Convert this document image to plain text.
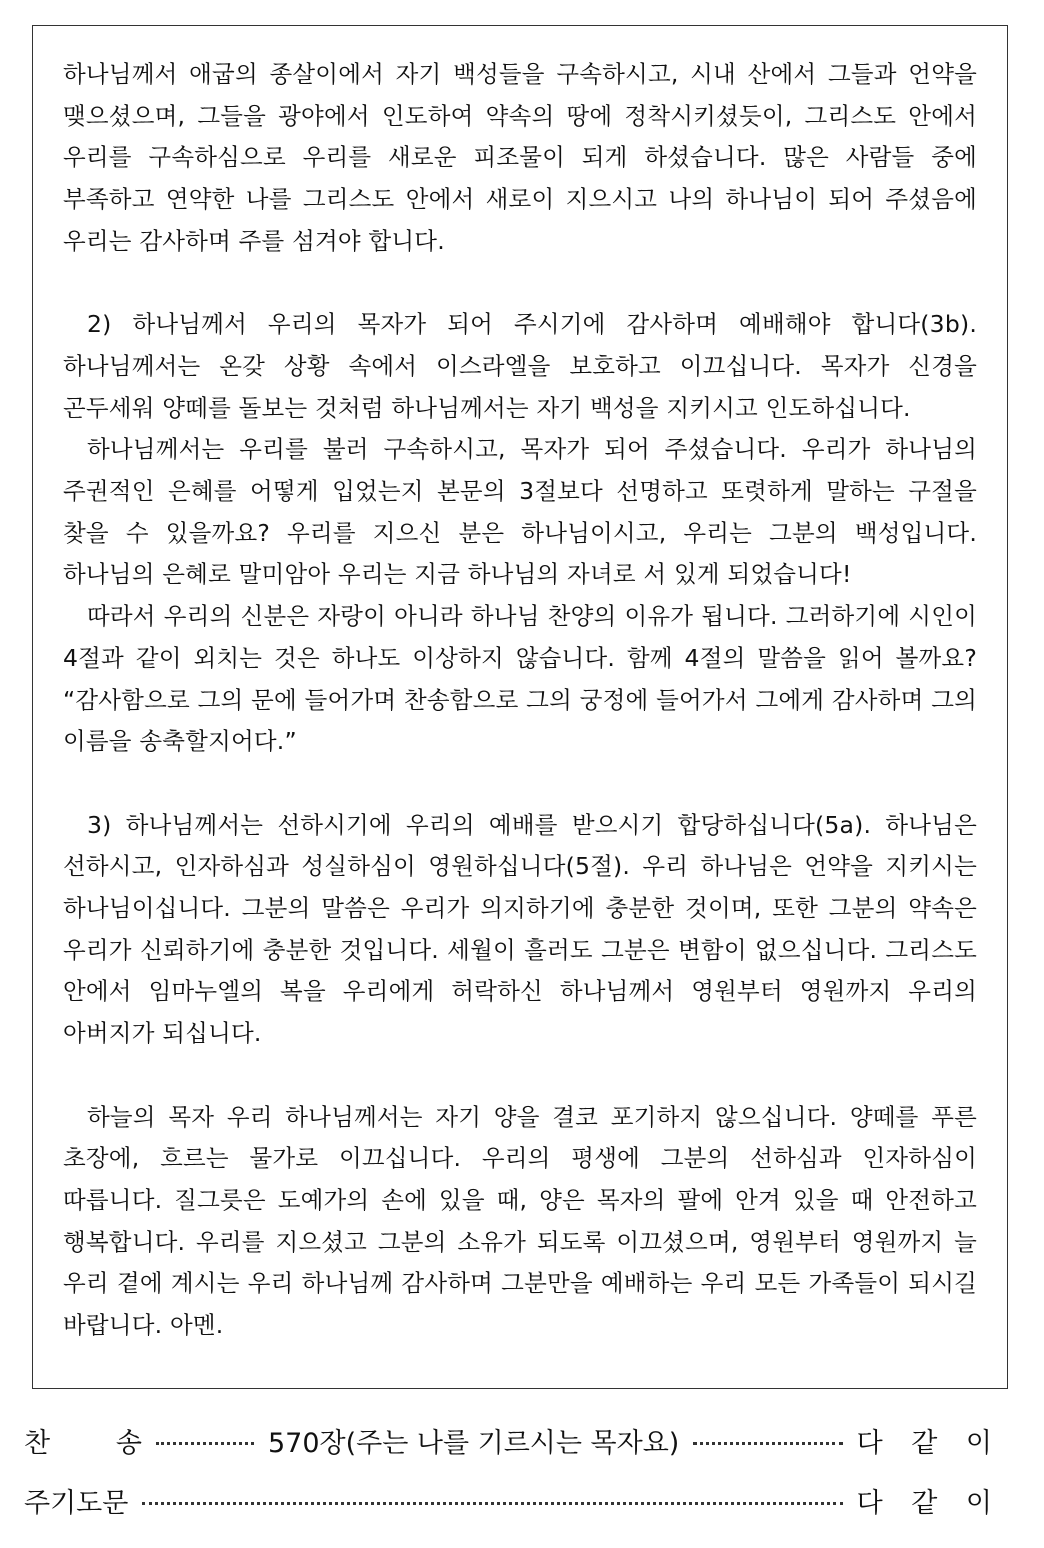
하나님께서 애굽의 종살이에서 자기 백성들을 구속하시고, 시내 산에서 그들과 언약을 맺으셨으며, 그들을 광야에서 인도하여 약속의 땅에 정착시키셨듯이, 그리스도 안에서 우리를 구속하심으로 우리를 새로운 피조물이 되게 하셨습니다. 많은 사람들 중에 부족하고 연약한 나를 그리스도 안에서 새로이 지으시고 나의 하나님이 되어 주셨음에 우리는 감사하며 주를 섬겨야 합니다.

2) 하나님께서 우리의 목자가 되어 주시기에 감사하며 예배해야 합니다(3b). 하나님께서는 온갖 상황 속에서 이스라엘을 보호하고 이끄십니다. 목자가 신경을 곤두세워 양떼를 돌보는 것처럼 하나님께서는 자기 백성을 지키시고 인도하십니다.

하나님께서는 우리를 불러 구속하시고, 목자가 되어 주셨습니다. 우리가 하나님의 주권적인 은혜를 어떻게 입었는지 본문의 3절보다 선명하고 또렷하게 말하는 구절을 찾을 수 있을까요? 우리를 지으신 분은 하나님이시고, 우리는 그분의 백성입니다. 하나님의 은혜로 말미암아 우리는 지금 하나님의 자녀로 서 있게 되었습니다!

따라서 우리의 신분은 자랑이 아니라 하나님 찬양의 이유가 됩니다. 그러하기에 시인이 4절과 같이 외치는 것은 하나도 이상하지 않습니다. 함께 4절의 말씀을 읽어 볼까요? “감사함으로 그의 문에 들어가며 찬송함으로 그의 궁정에 들어가서 그에게 감사하며 그의 이름을 송축할지어다.”

3) 하나님께서는 선하시기에 우리의 예배를 받으시기 합당하십니다(5a). 하나님은 선하시고, 인자하심과 성실하심이 영원하십니다(5절). 우리 하나님은 언약을 지키시는 하나님이십니다. 그분의 말씀은 우리가 의지하기에 충분한 것이며, 또한 그분의 약속은 우리가 신뢰하기에 충분한 것입니다. 세월이 흘러도 그분은 변함이 없으십니다. 그리스도 안에서 임마누엘의 복을 우리에게 허락하신 하나님께서 영원부터 영원까지 우리의 아버지가 되십니다.

하늘의 목자 우리 하나님께서는 자기 양을 결코 포기하지 않으십니다. 양떼를 푸른 초장에, 흐르는 물가로 이끄십니다. 우리의 평생에 그분의 선하심과 인자하심이 따릅니다. 질그릇은 도예가의 손에 있을 때, 양은 목자의 팔에 안겨 있을 때 안전하고 행복합니다. 우리를 지으셨고 그분의 소유가 되도록 이끄셨으며, 영원부터 영원까지 늘 우리 곁에 계시는 우리 하나님께 감사하며 그분만을 예배하는 우리 모든 가족들이 되시길 바랍니다. 아멘.

찬 송	570장(주는 나를 기르시는 목자요)	다 같 이
주기도문	다 같 이
